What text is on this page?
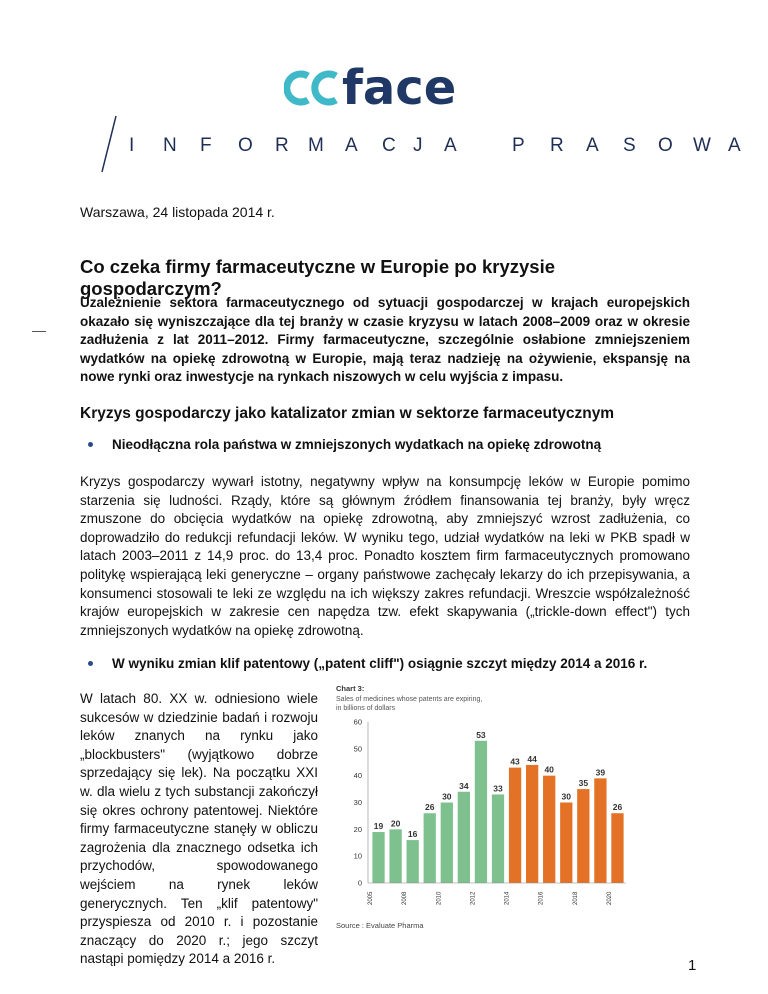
face
I N F O R M A C J A	P R A S O W A
Warszawa, 24 listopada 2014 r.
Co czeka firmy farmaceutyczne w Europie po kryzysie gospodarczym?

Uzależnienie sektora farmaceutycznego od sytuacji gospodarczej w krajach europejskich okazało się wyniszczające dla tej branży w czasie kryzysu w latach 2008–2009 oraz w okresie zadłużenia z lat 2011–2012. Firmy farmaceutyczne, szczególnie osłabione zmniejszeniem wydatków na opiekę zdrowotną w Europie, mają teraz nadzieję na ożywienie, ekspansję na nowe rynki oraz inwestycje na rynkach niszowych w celu wyjścia z impasu.

Kryzys gospodarczy jako katalizator zmian w sektorze farmaceutycznym

Nieodłączna rola państwa w zmniejszonych wydatkach na opiekę zdrowotną

Kryzys gospodarczy wywarł istotny, negatywny wpływ na konsumpcję leków w Europie pomimo starzenia się ludności. Rządy, które są głównym źródłem finansowania tej branży, były wręcz zmuszone do obcięcia wydatków na opiekę zdrowotną, aby zmniejszyć wzrost zadłużenia, co doprowadziło do redukcji refundacji leków. W wyniku tego, udział wydatków na leki w PKB spadł w latach 2003–2011 z 14,9 proc. do 13,4 proc. Ponadto kosztem firm farmaceutycznych promowano politykę wspierającą leki generyczne – organy państwowe zachęcały lekarzy do ich przepisywania, a konsumenci stosowali te leki ze względu na ich większy zakres refundacji. Wreszcie współzależność krajów europejskich w zakresie cen napędza tzw. efekt skapywania („trickle-down effect") tych zmniejszonych wydatków na opiekę zdrowotną.

W wyniku zmian klif patentowy („patent cliff") osiągnie szczyt między 2014 a 2016 r.

W latach 80. XX w. odniesiono wiele sukcesów w dziedzinie badań i rozwoju leków znanych na rynku jako „blockbusters" (wyjątkowo dobrze sprzedający się lek). Na początku XXI w. dla wielu z tych substancji zakończył się okres ochrony patentowej. Niektóre firmy farmaceutyczne stanęły w obliczu zagrożenia dla znacznego odsetka ich przychodów, spowodowanego wejściem na rynek leków generycznych. Ten „klif patentowy" przyspiesza od 2010 r. i pozostanie znaczący do 2020 r.; jego szczyt nastąpi pomiędzy 2014 a 2016 r.

Chart 3:
Sales of medicines whose patents are expiring,
in billions of dollars
0
10
20
30
40
50
60
19 20
16
26
30
34
53
33
43 44
40
30
35
39
26
2005	2008	2010	2012	2014	2016	2018	2020
Source : Evaluate Pharma
1
